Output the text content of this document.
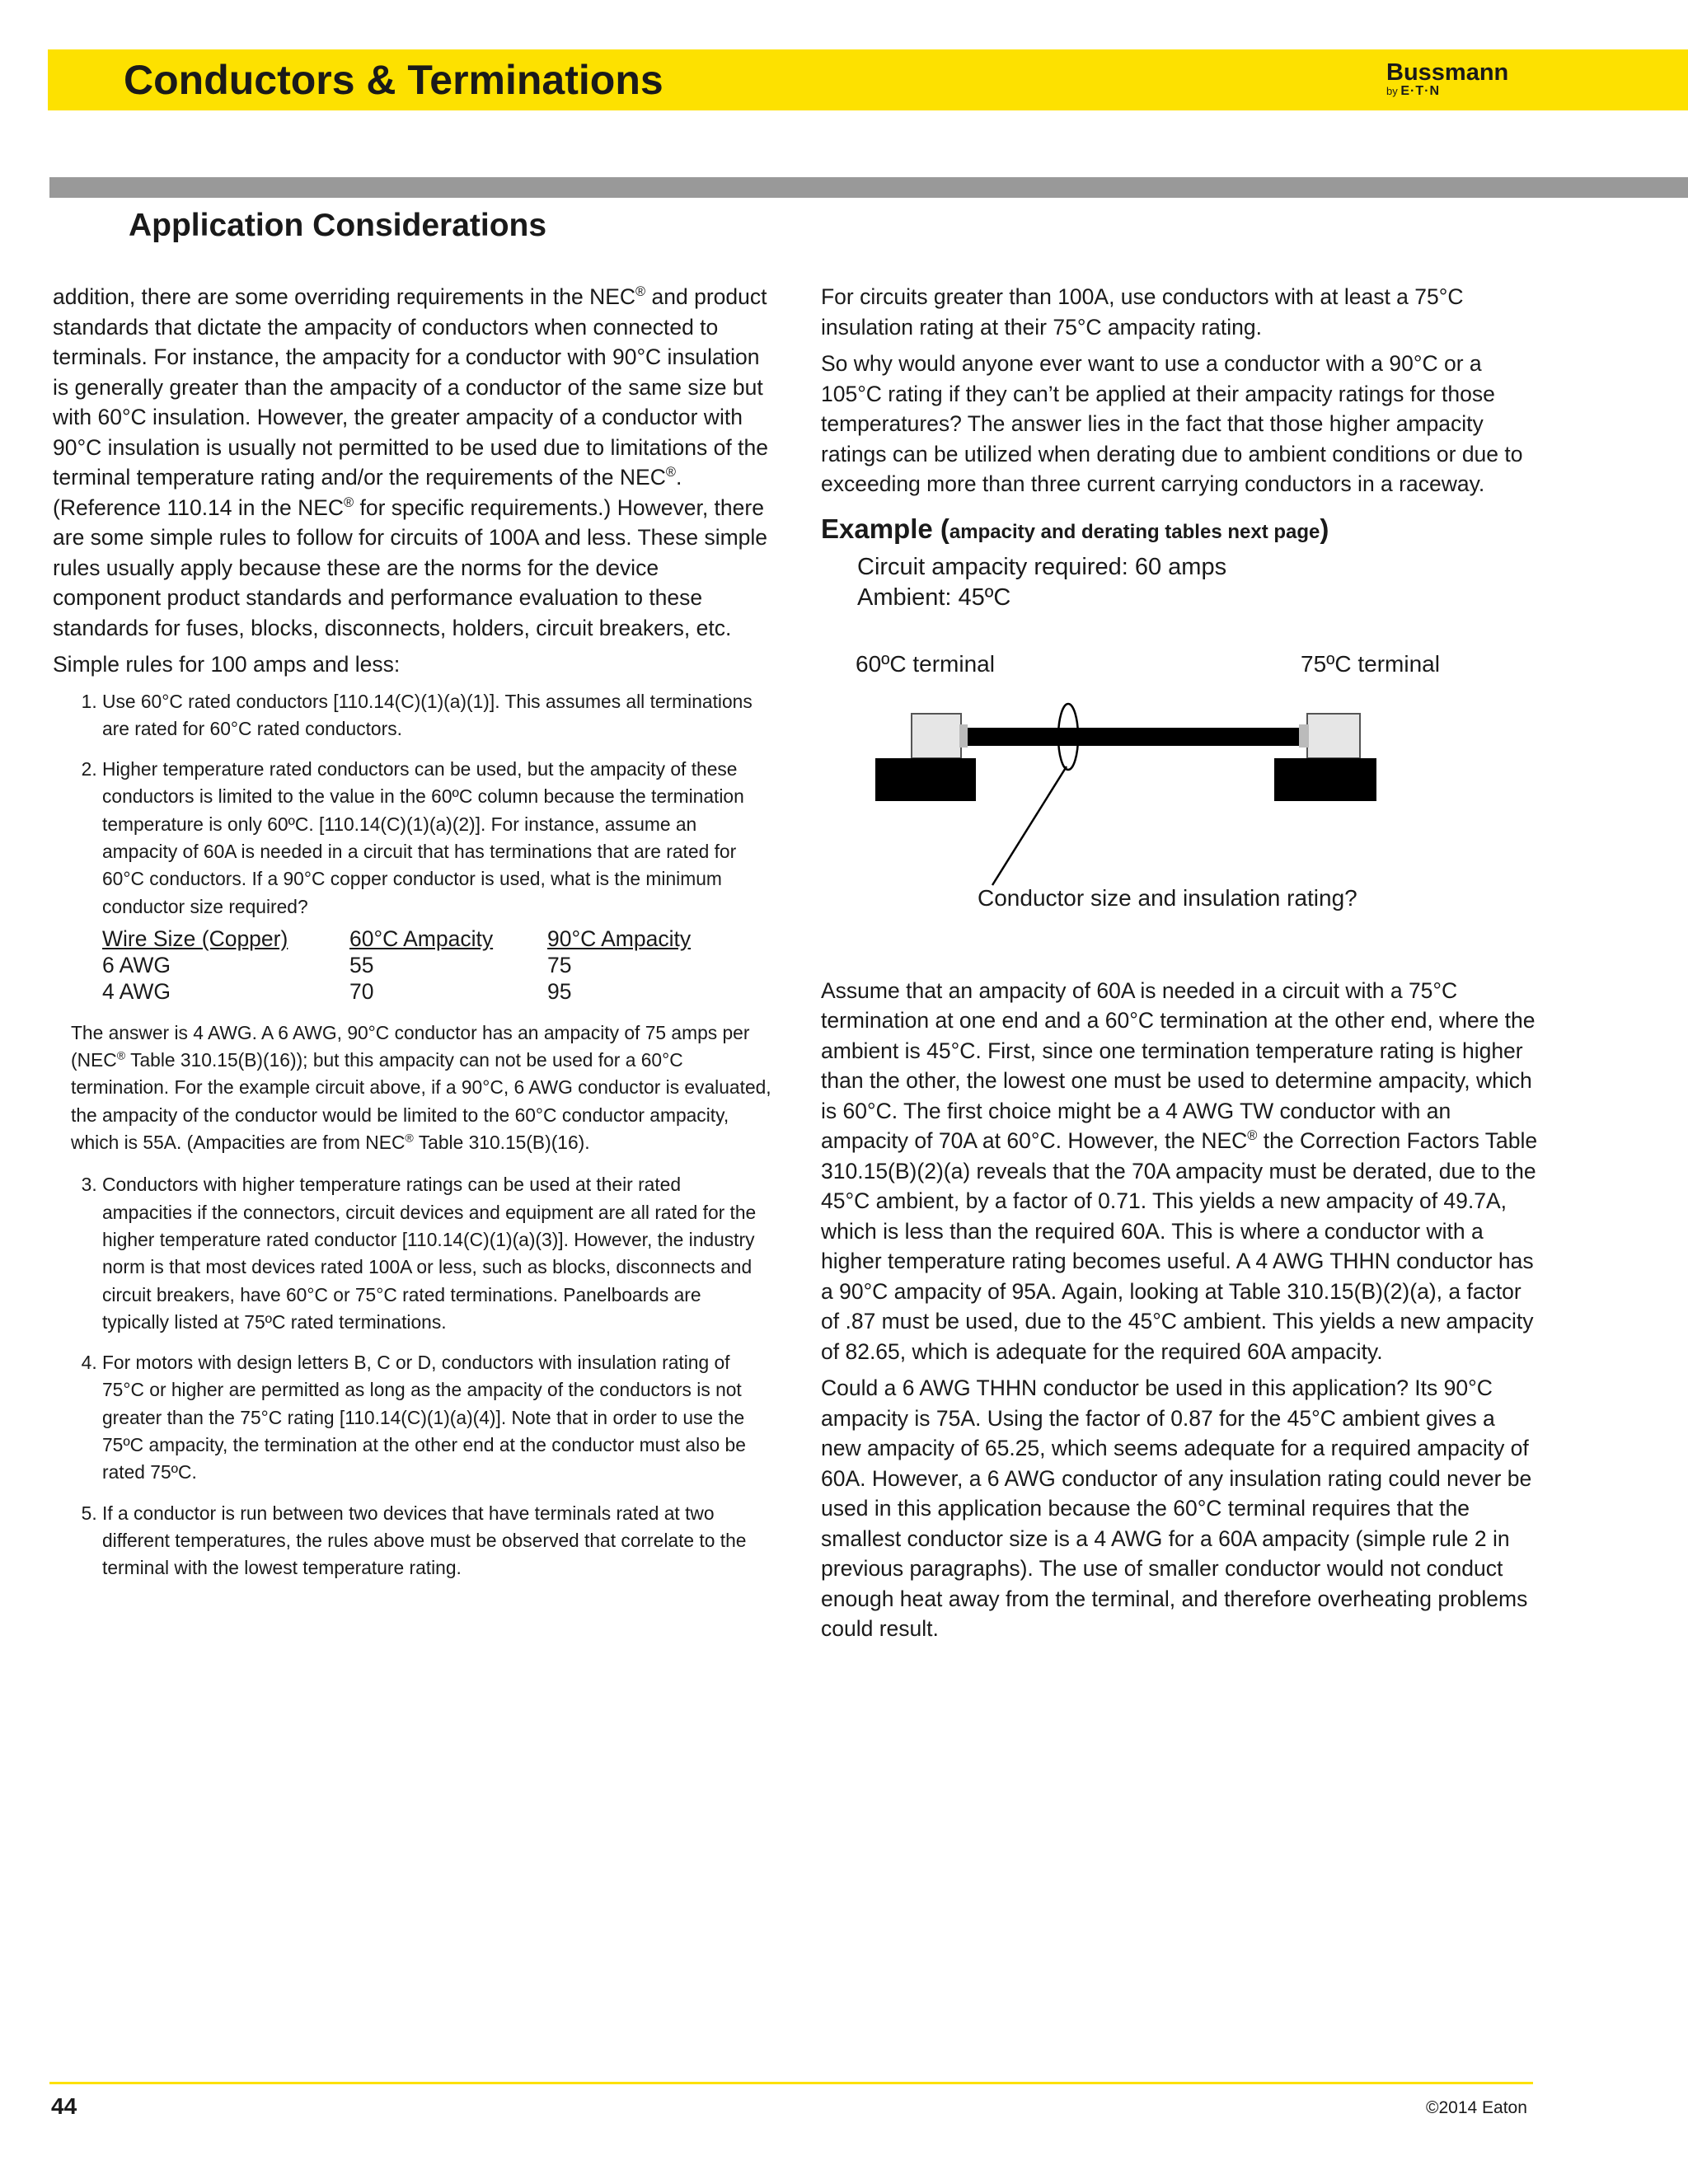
Conductors & Terminations	Bussmann
by E·T·N
Application Considerations

addition, there are some overriding requirements in the NEC® and product standards that dictate the ampacity of conductors when connected to terminals. For instance, the ampacity for a conductor with 90°C insulation is generally greater than the ampacity of a conductor of the same size but with 60°C insulation. However, the greater ampacity of a conductor with 90°C insulation is usually not permitted to be used due to limitations of the terminal temperature rating and/or the requirements of the NEC®. (Reference 110.14 in the NEC® for specific requirements.) However, there are some simple rules to follow for circuits of 100A and less. These simple rules usually apply because these are the norms for the device component product standards and performance evaluation to these standards for fuses, blocks, disconnects, holders, circuit breakers, etc.

Simple rules for 100 amps and less:

1. Use 60°C rated conductors [110.14(C)(1)(a)(1)]. This assumes all terminations are rated for 60°C rated conductors.
2. Higher temperature rated conductors can be used, but the ampacity of these conductors is limited to the value in the 60ºC column because the termination temperature is only 60ºC. [110.14(C)(1)(a)(2)]. For instance, assume an ampacity of 60A is needed in a circuit that has terminations that are rated for 60°C conductors. If a 90°C copper conductor is used, what is the minimum conductor size required?
Wire Size (Copper)	60°C Ampacity	90°C Ampacity
6 AWG	55	75
4 AWG	70	95
The answer is 4 AWG. A 6 AWG, 90°C conductor has an ampacity of 75 amps per (NEC® Table 310.15(B)(16)); but this ampacity can not be used for a 60°C termination. For the example circuit above, if a 90°C, 6 AWG conductor is evaluated, the ampacity of the conductor would be limited to the 60°C conductor ampacity, which is 55A. (Ampacities are from NEC® Table 310.15(B)(16).
3. Conductors with higher temperature ratings can be used at their rated ampacities if the connectors, circuit devices and equipment are all rated for the higher temperature rated conductor [110.14(C)(1)(a)(3)]. However, the industry norm is that most devices rated 100A or less, such as blocks, disconnects and circuit breakers, have 60°C or 75°C rated terminations. Panelboards are typically listed at 75ºC rated terminations.
4. For motors with design letters B, C or D, conductors with insulation rating of 75°C or higher are permitted as long as the ampacity of the conductors is not greater than the 75°C rating [110.14(C)(1)(a)(4)]. Note that in order to use the 75ºC ampacity, the termination at the other end at the conductor must also be rated 75ºC.
5. If a conductor is run between two devices that have terminals rated at two different temperatures, the rules above must be observed that correlate to the terminal with the lowest temperature rating.

For circuits greater than 100A, use conductors with at least a 75°C insulation rating at their 75°C ampacity rating.

So why would anyone ever want to use a conductor with a 90°C or a 105°C rating if they can’t be applied at their ampacity ratings for those temperatures? The answer lies in the fact that those higher ampacity ratings can be utilized when derating due to ambient conditions or due to exceeding more than three current carrying conductors in a raceway.

Example (ampacity and derating tables next page)
Circuit ampacity required: 60 amps
Ambient: 45ºC
60ºC terminal	75ºC terminal
Conductor size and insulation rating?

Assume that an ampacity of 60A is needed in a circuit with a 75°C termination at one end and a 60°C termination at the other end, where the ambient is 45°C. First, since one termination temperature rating is higher than the other, the lowest one must be used to determine ampacity, which is 60°C. The first choice might be a 4 AWG TW conductor with an ampacity of 70A at 60°C. However, the NEC® the Correction Factors Table 310.15(B)(2)(a) reveals that the 70A ampacity must be derated, due to the 45°C ambient, by a factor of 0.71. This yields a new ampacity of 49.7A, which is less than the required 60A. This is where a conductor with a higher temperature rating becomes useful. A 4 AWG THHN conductor has a 90°C ampacity of 95A. Again, looking at Table 310.15(B)(2)(a), a factor of .87 must be used, due to the 45°C ambient. This yields a new ampacity of 82.65, which is adequate for the required 60A ampacity.

Could a 6 AWG THHN conductor be used in this application? Its 90°C ampacity is 75A. Using the factor of 0.87 for the 45°C ambient gives a new ampacity of 65.25, which seems adequate for a required ampacity of 60A. However, a 6 AWG conductor of any insulation rating could never be used in this application because the 60°C terminal requires that the smallest conductor size is a 4 AWG for a 60A ampacity (simple rule 2 in previous paragraphs). The use of smaller conductor would not conduct enough heat away from the terminal, and therefore overheating problems could result.

44	©2014 Eaton
